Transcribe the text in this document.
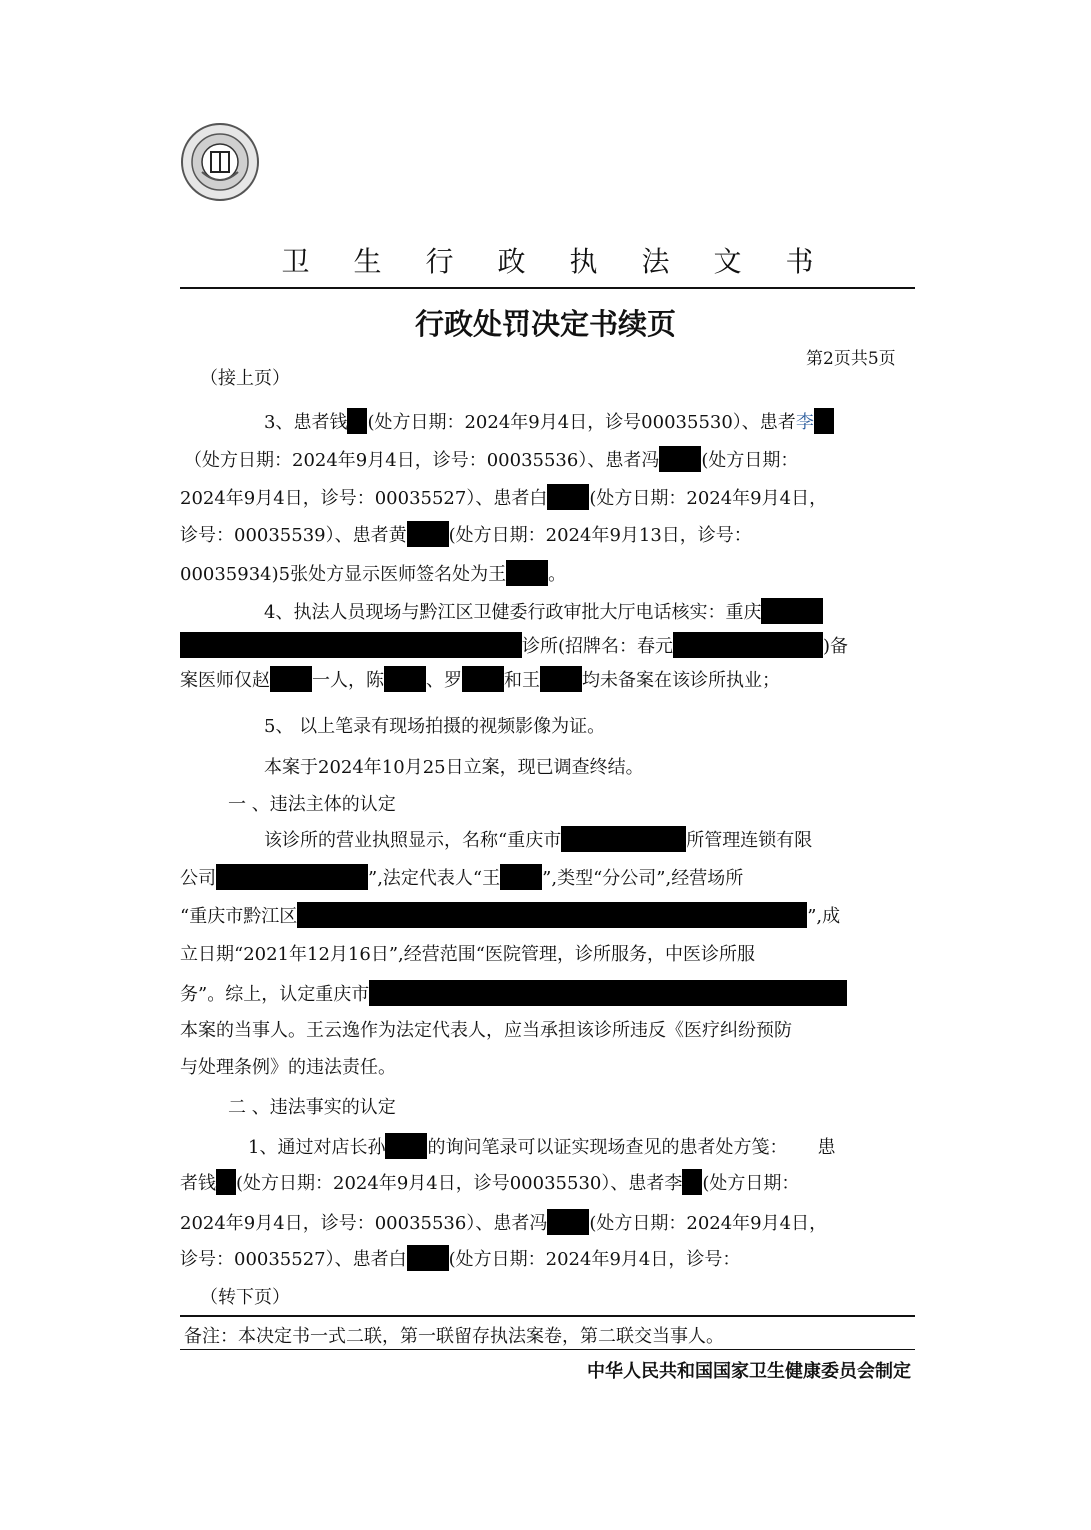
卫生行政执法文书
行政处罚决定书续页
第2页共5页
（接上页）
3、患者钱 (处方日期：2024年9月4日，诊号00035530）、患者李
（处方日期：2024年9月4日，诊号：00035536）、患者冯 (处方日期：
2024年9月4日，诊号：00035527）、患者白 (处方日期：2024年9月4日，
诊号：00035539）、患者黄 (处方日期：2024年9月13日，诊号：
00035934)5张处方显示医师签名处为王 。
4、执法人员现场与黔江区卫健委行政审批大厅电话核实：重庆
诊所(招牌名：春元	)备
案医师仅赵 一人，陈 、罗 和王 均未备案在该诊所执业；
5、 以上笔录有现场拍摄的视频影像为证。
本案于2024年10月25日立案，现已调查终结。
一 、违法主体的认定
该诊所的营业执照显示，名称“重庆市	所管理连锁有限
公司	”,法定代表人“王 ”,类型“分公司”,经营场所
“重庆市黔江区	”,成
立日期“2021年12月16日”,经营范围“医院管理，诊所服务，中医诊所服
务”。综上，认定重庆市
本案的当事人。王云逸作为法定代表人，应当承担该诊所违反《医疗纠纷预防
与处理条例》的违法责任。
二 、违法事实的认定
1、通过对店长孙 的询问笔录可以证实现场查见的患者处方笺： 患
者钱 (处方日期：2024年9月4日，诊号00035530）、患者李 (处方日期：
2024年9月4日，诊号：00035536）、患者冯 (处方日期：2024年9月4日，
诊号：00035527）、患者白 (处方日期：2024年9月4日，诊号：
（转下页）
备注：本决定书一式二联，第一联留存执法案卷，第二联交当事人。
中华人民共和国国家卫生健康委员会制定
